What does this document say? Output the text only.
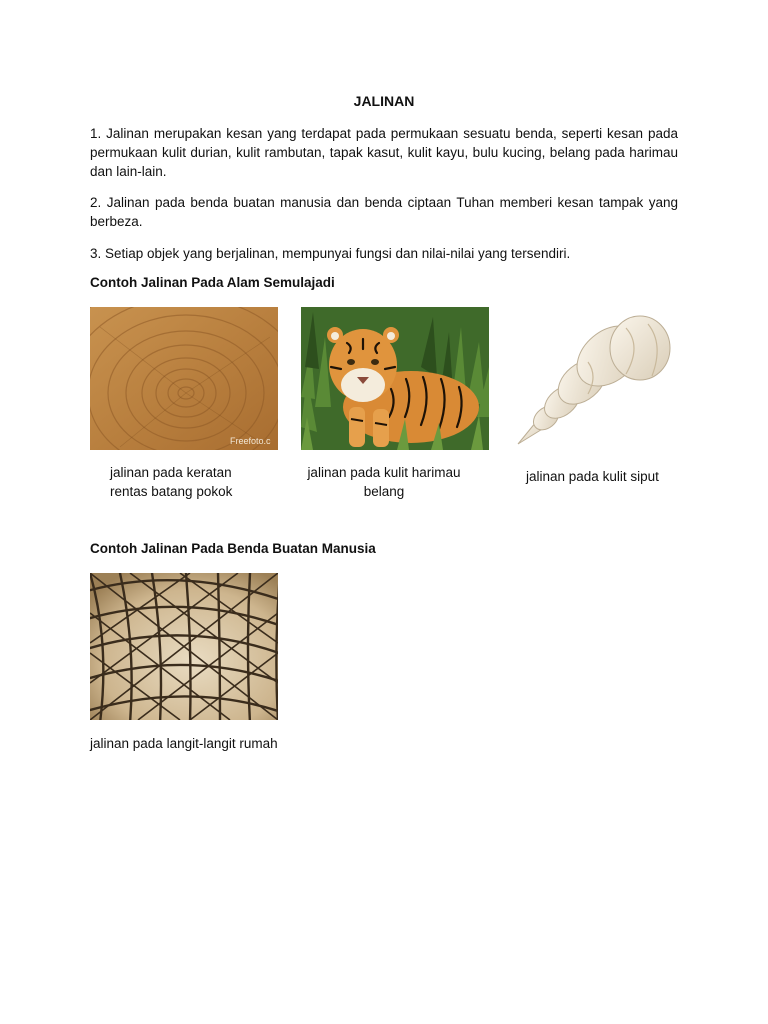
JALINAN

1. Jalinan merupakan kesan yang terdapat pada permukaan sesuatu benda, seperti kesan pada permukaan kulit durian, kulit rambutan, tapak kasut, kulit kayu, bulu kucing, belang pada harimau dan lain-lain.

2. Jalinan pada benda buatan manusia dan benda ciptaan Tuhan memberi kesan tampak yang berbeza.

3. Setiap objek yang berjalinan, mempunyai fungsi dan nilai-nilai yang tersendiri.

Contoh Jalinan Pada Alam Semulajadi
Freefoto.c
jalinan pada keratan
rentas batang pokok
jalinan pada kulit harimau
belang
jalinan pada kulit siput
Contoh Jalinan Pada Benda Buatan Manusia
jalinan pada langit-langit rumah
